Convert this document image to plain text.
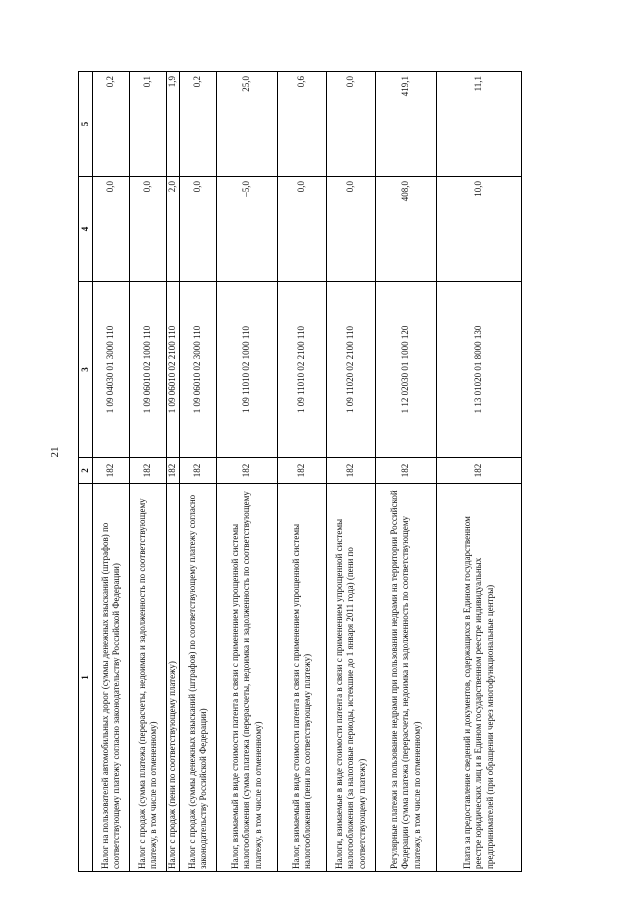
21
1	2	3	4	5
Налог на пользователей автомобильных дорог (суммы денежных взысканий (штрафов) по соответствующему платежу согласно законодательству Российской Федерации)	182	1 09 04030 01 3000 110	0,0	0,2
Налог с продаж (сумма платежа (перерасчеты, недоимка и задолженность по соответствующему платежу, в том числе по отмененному)	182	1 09 06010 02 1000 110	0,0	0,1
Налог с продаж (пени по соответствующему платежу)	182	1 09 06010 02 2100 110	2,0	1,9
Налог с продаж (суммы денежных взысканий (штрафов) по соответствующему платежу согласно законодательству Российской Федерации)	182	1 09 06010 02 3000 110	0,0	0,2
Налог, взимаемый в виде стоимости патента в связи с применением упрощенной системы налогообложения (сумма платежа (перерасчеты, недоимка и задолженность по соответствующему платежу, в том числе по отмененному)	182	1 09 11010 02 1000 110	–5,0	25,0
Налог, взимаемый в виде стоимости патента в связи с применением упрощенной системы налогообложения (пени по соответствующему платежу)	182	1 09 11010 02 2100 110	0,0	0,6
Налоги, взимаемые в виде стоимости патента в связи с применением упрощенной системы налогообложения (за налоговые периоды, истекшие до 1 января 2011 года) (пени по соответствующему платежу)	182	1 09 11020 02 2100 110	0,0	0,0
Регулярные платежи за пользование недрами при пользовании недрами на территории Российской Федерации (сумма платежа (перерасчеты, недоимка и задолженность по соответствующему платежу, в том числе по отмененному)	182	1 12 02030 01 1000 120	408,0	419,1
Плата за предоставление сведений и документов, содержащихся в Едином государственном реестре юридических лиц и в Едином государственном реестре индивидуальных предпринимателей (при обращении через многофункциональные центры)	182	1 13 01020 01 8000 130	10,0	11,1
